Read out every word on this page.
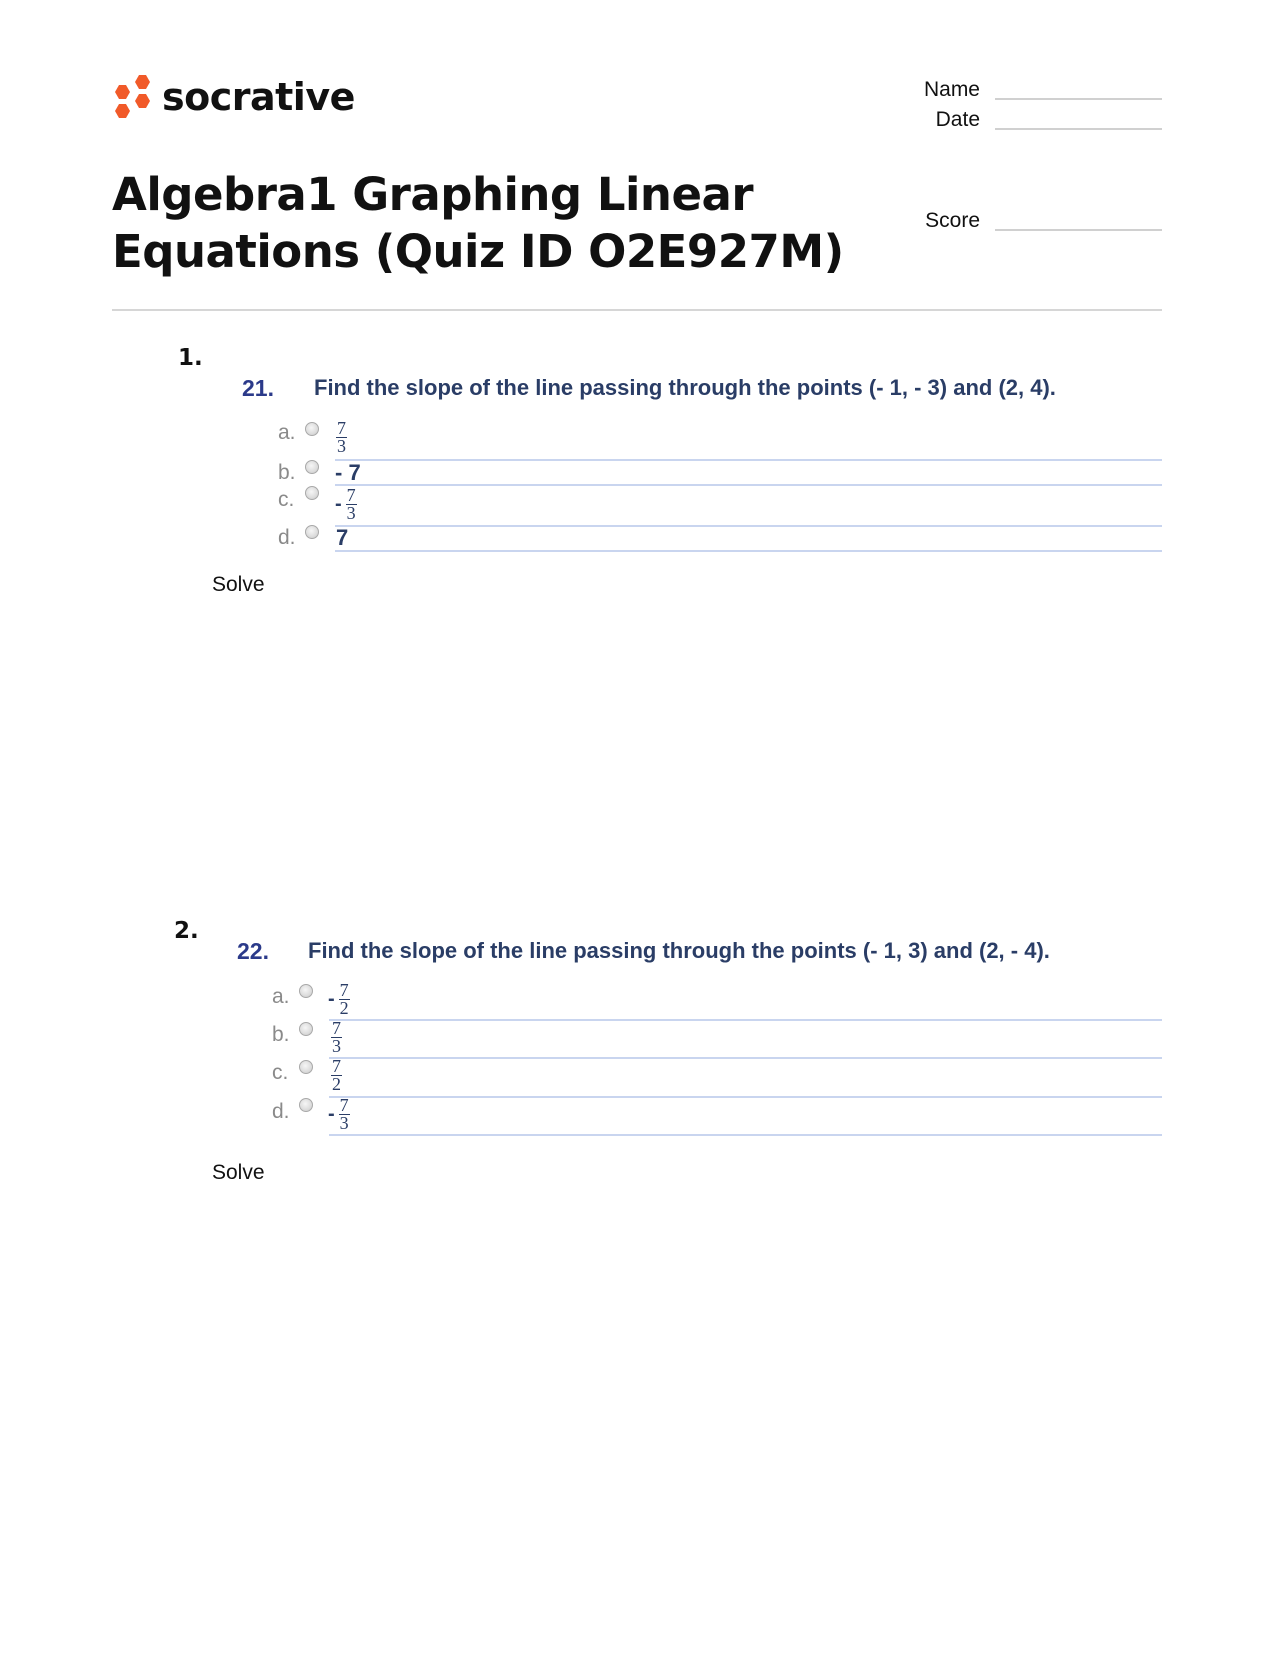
socrative	Name
Date
Score
Algebra1 Graphing Linear
Equations (Quiz ID O2E927M)
1.
21. Find the slope of the line passing through the points (- 1, - 3) and (2, 4).
a. $\frac{7}{3}$
b. - 7
c. - $\frac{7}{3}$
d. 7
Solve
2.
22. Find the slope of the line passing through the points (- 1, 3) and (2, - 4).
a. - $\frac{7}{2}$
b. $\frac{7}{3}$
c. $\frac{7}{2}$
d. - $\frac{7}{3}$
Solve
